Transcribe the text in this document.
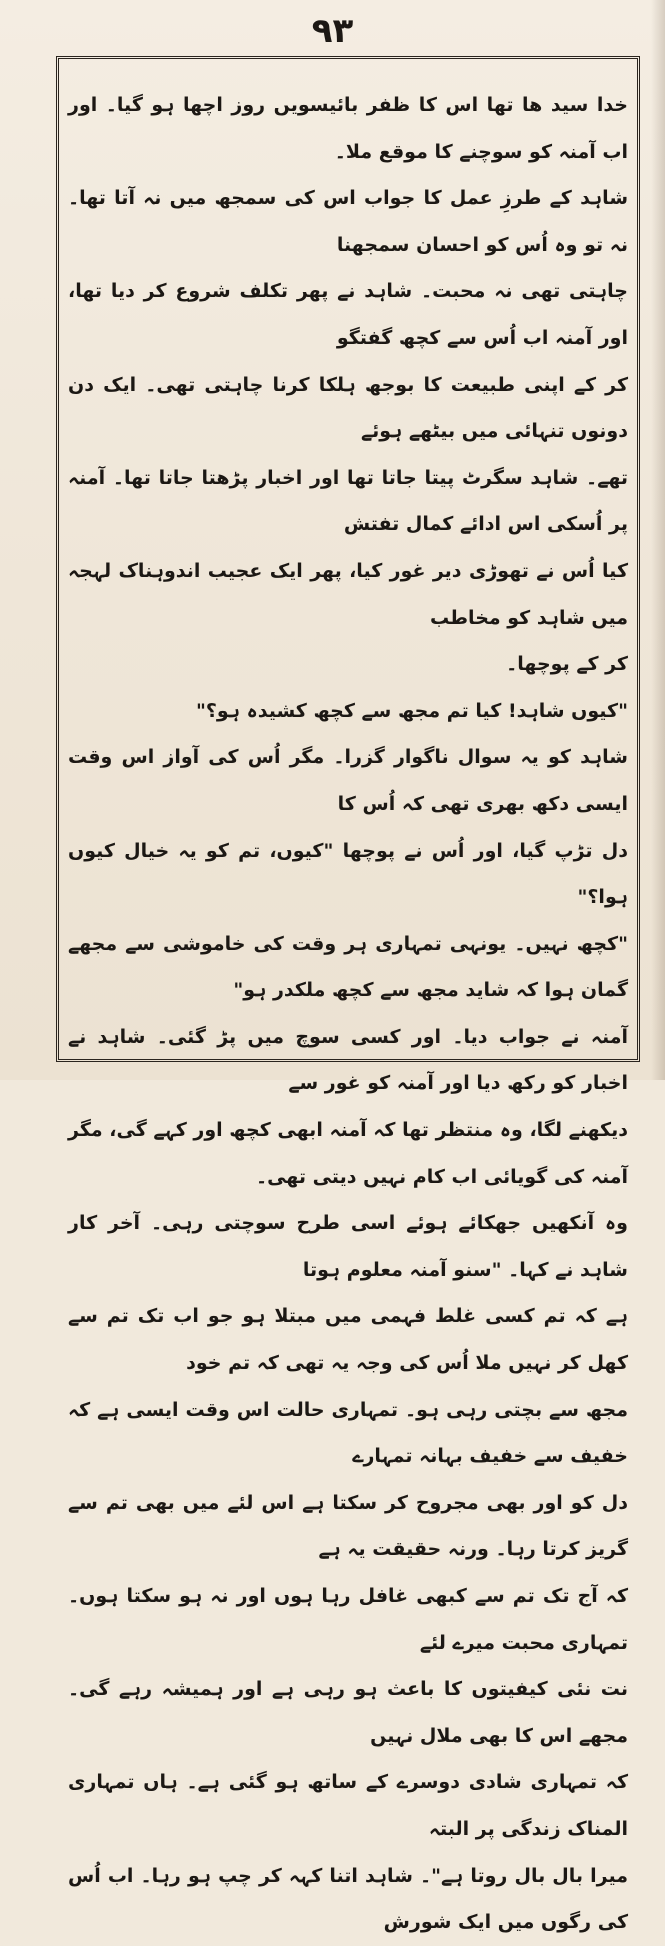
٩٣

خدا سید ھا تھا اس کا ظفر بائیسویں روز اچھا ہو گیا۔ اور اب آمنہ کو سوچنے کا موقع ملا۔

شاہد کے طرزِ عمل کا جواب اس کی سمجھ میں نہ آتا تھا۔ نہ تو وہ اُس کو احسان سمجھنا

چاہتی تھی نہ محبت۔ شاہد نے پھر تکلف شروع کر دیا تھا، اور آمنہ اب اُس سے کچھ گفتگو

کر کے اپنی طبیعت کا بوجھ ہلکا کرنا چاہتی تھی۔ ایک دن دونوں تنہائی میں بیٹھے ہوئے

تھے۔ شاہد سگرٹ پیتا جاتا تھا اور اخبار پڑھتا جاتا تھا۔ آمنہ پر اُسکی اس ادائے کمال تفتش

کیا اُس نے تھوڑی دیر غور کیا، پھر ایک عجیب اندوہناک لہجہ میں شاہد کو مخاطب

کر کے پوچھا۔

"کیوں شاہد! کیا تم مجھ سے کچھ کشیدہ ہو؟"

شاہد کو یہ سوال ناگوار گزرا۔ مگر اُس کی آواز اس وقت ایسی دکھ بھری تھی کہ اُس کا

دل تڑپ گیا، اور اُس نے پوچھا "کیوں، تم کو یہ خیال کیوں ہوا؟"

"کچھ نہیں۔ یونہی تمہاری ہر وقت کی خاموشی سے مجھے گمان ہوا کہ شاید مجھ سے کچھ ملکدر ہو"

آمنہ نے جواب دیا۔ اور کسی سوچ میں پڑ گئی۔ شاہد نے اخبار کو رکھ دیا اور آمنہ کو غور سے

دیکھنے لگا، وہ منتظر تھا کہ آمنہ ابھی کچھ اور کہے گی، مگر آمنہ کی گویائی اب کام نہیں دیتی تھی۔

وہ آنکھیں جھکائے ہوئے اسی طرح سوچتی رہی۔ آخر کار شاہد نے کہا۔ "سنو آمنہ معلوم ہوتا

ہے کہ تم کسی غلط فہمی میں مبتلا ہو جو اب تک تم سے کھل کر نہیں ملا اُس کی وجہ یہ تھی کہ تم خود

مجھ سے بچتی رہی ہو۔ تمہاری حالت اس وقت ایسی ہے کہ خفیف سے خفیف بہانہ تمہارے

دل کو اور بھی مجروح کر سکتا ہے اس لئے میں بھی تم سے گریز کرتا رہا۔ ورنہ حقیقت یہ ہے

کہ آج تک تم سے کبھی غافل رہا ہوں اور نہ ہو سکتا ہوں۔ تمہاری محبت میرے لئے

نت نئی کیفیتوں کا باعث ہو رہی ہے اور ہمیشہ رہے گی۔ مجھے اس کا بھی ملال نہیں

کہ تمہاری شادی دوسرے کے ساتھ ہو گئی ہے۔ ہاں تمہاری المناک زندگی پر البتہ

میرا بال بال روتا ہے"۔ شاہد اتنا کہہ کر چپ ہو رہا۔ اب اُس کی رگوں میں ایک شورش
